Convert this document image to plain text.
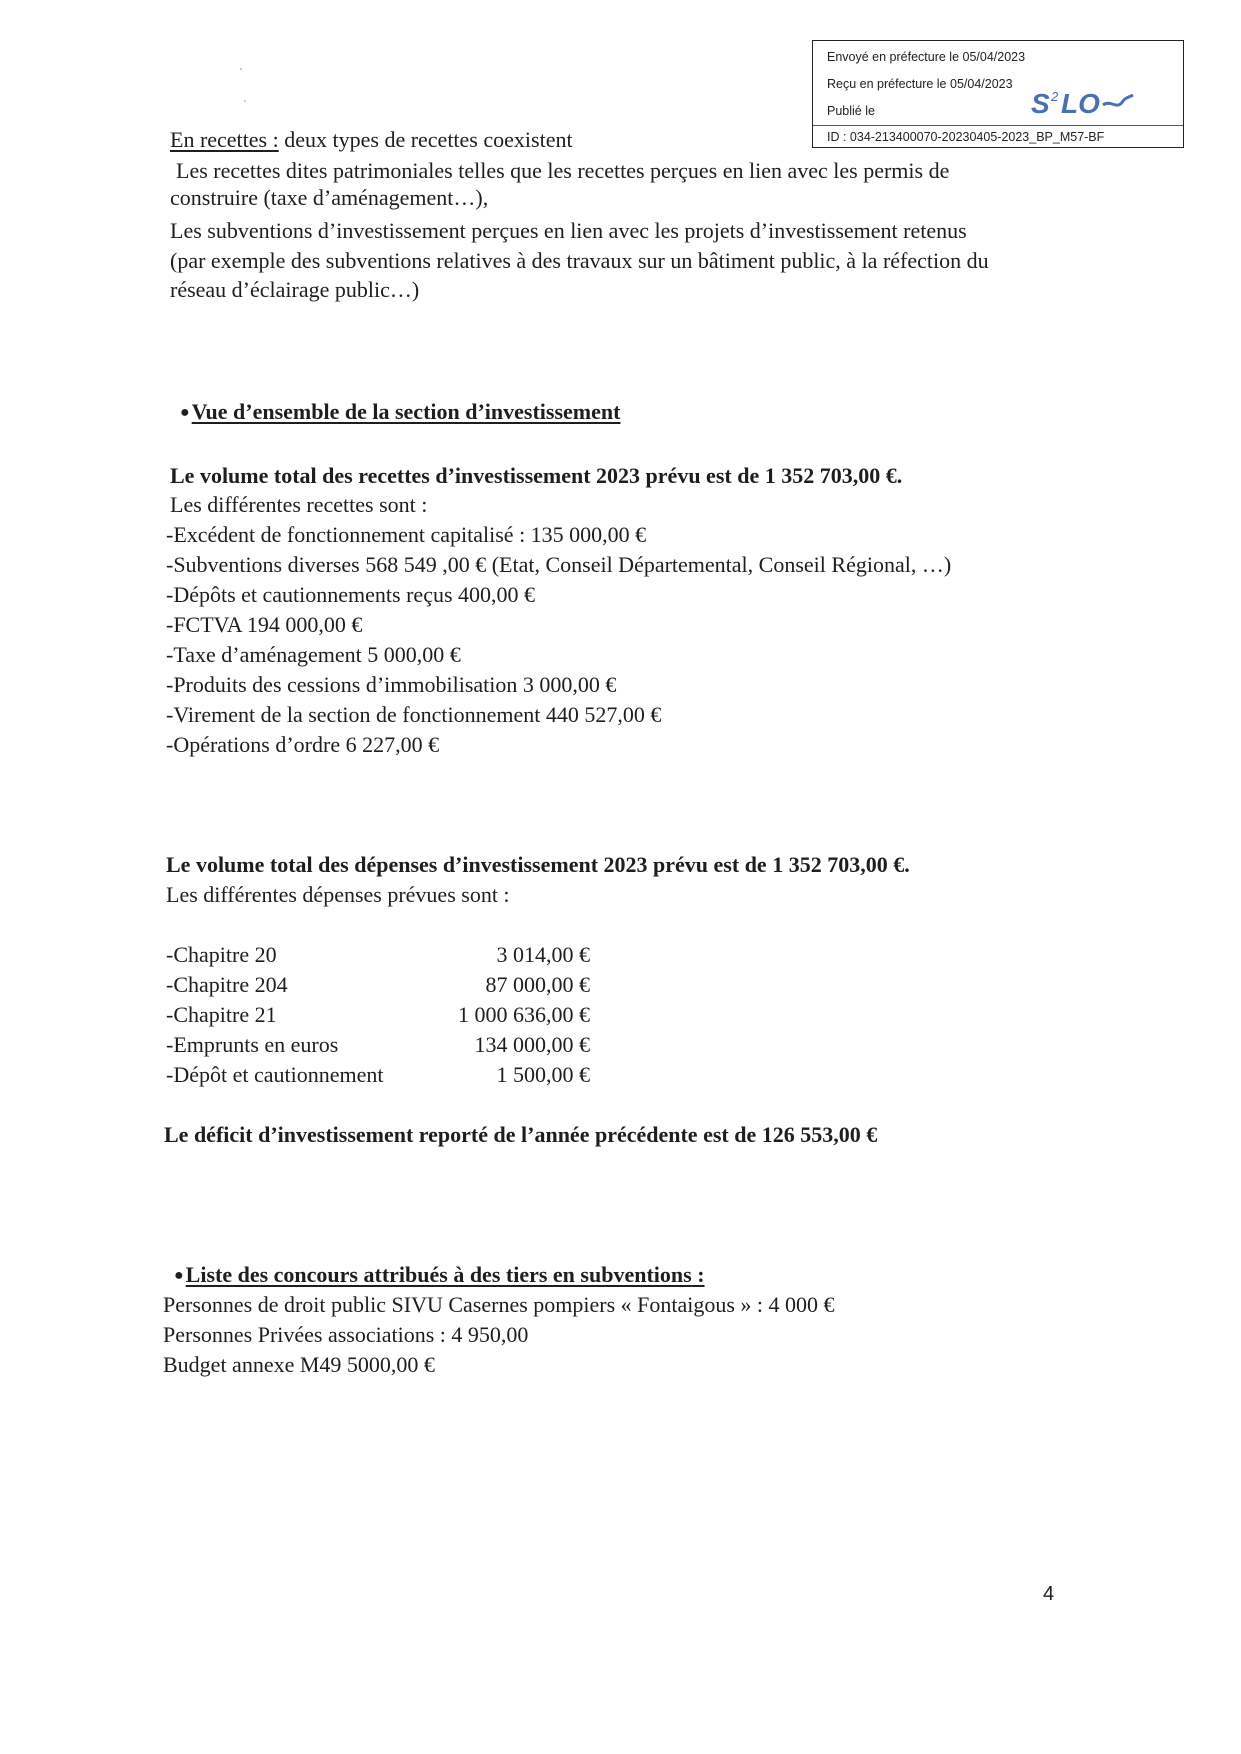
Envoyé en préfecture le 05/04/2023
Reçu en préfecture le 05/04/2023
Publié le
ID : 034-213400070-20230405-2023_BP_M57-BF
S 2 LO
En recettes : deux types de recettes coexistent
Les recettes dites patrimoniales telles que les recettes perçues en lien avec les permis de
construire (taxe d’aménagement…),
Les subventions d’investissement perçues en lien avec les projets d’investissement retenus
(par exemple des subventions relatives à des travaux sur un bâtiment public, à la réfection du
réseau d’éclairage public…)
●Vue d’ensemble de la section d’investissement
Le volume total des recettes d’investissement 2023 prévu est de 1 352 703,00 €.
Les différentes recettes sont :
-Excédent de fonctionnement capitalisé : 135 000,00 €
-Subventions diverses 568 549 ,00 € (Etat, Conseil Départemental, Conseil Régional, …)
-Dépôts et cautionnements reçus 400,00 €
-FCTVA 194 000,00 €
-Taxe d’aménagement 5 000,00 €
-Produits des cessions d’immobilisation 3 000,00 €
-Virement de la section de fonctionnement 440 527,00 €
-Opérations d’ordre 6 227,00 €
Le volume total des dépenses d’investissement 2023 prévu est de 1 352 703,00 €.
Les différentes dépenses prévues sont :
-Chapitre 20	3 014,00 €
-Chapitre 204	87 000,00 €
-Chapitre 21	1 000 636,00 €
-Emprunts en euros	134 000,00 €
-Dépôt et cautionnement	1 500,00 €
Le déficit d’investissement reporté de l’année précédente est de 126 553,00 €
●Liste des concours attribués à des tiers en subventions :
Personnes de droit public SIVU Casernes pompiers « Fontaigous » : 4 000 €
Personnes Privées associations : 4 950,00
Budget annexe M49 5000,00 €
4
